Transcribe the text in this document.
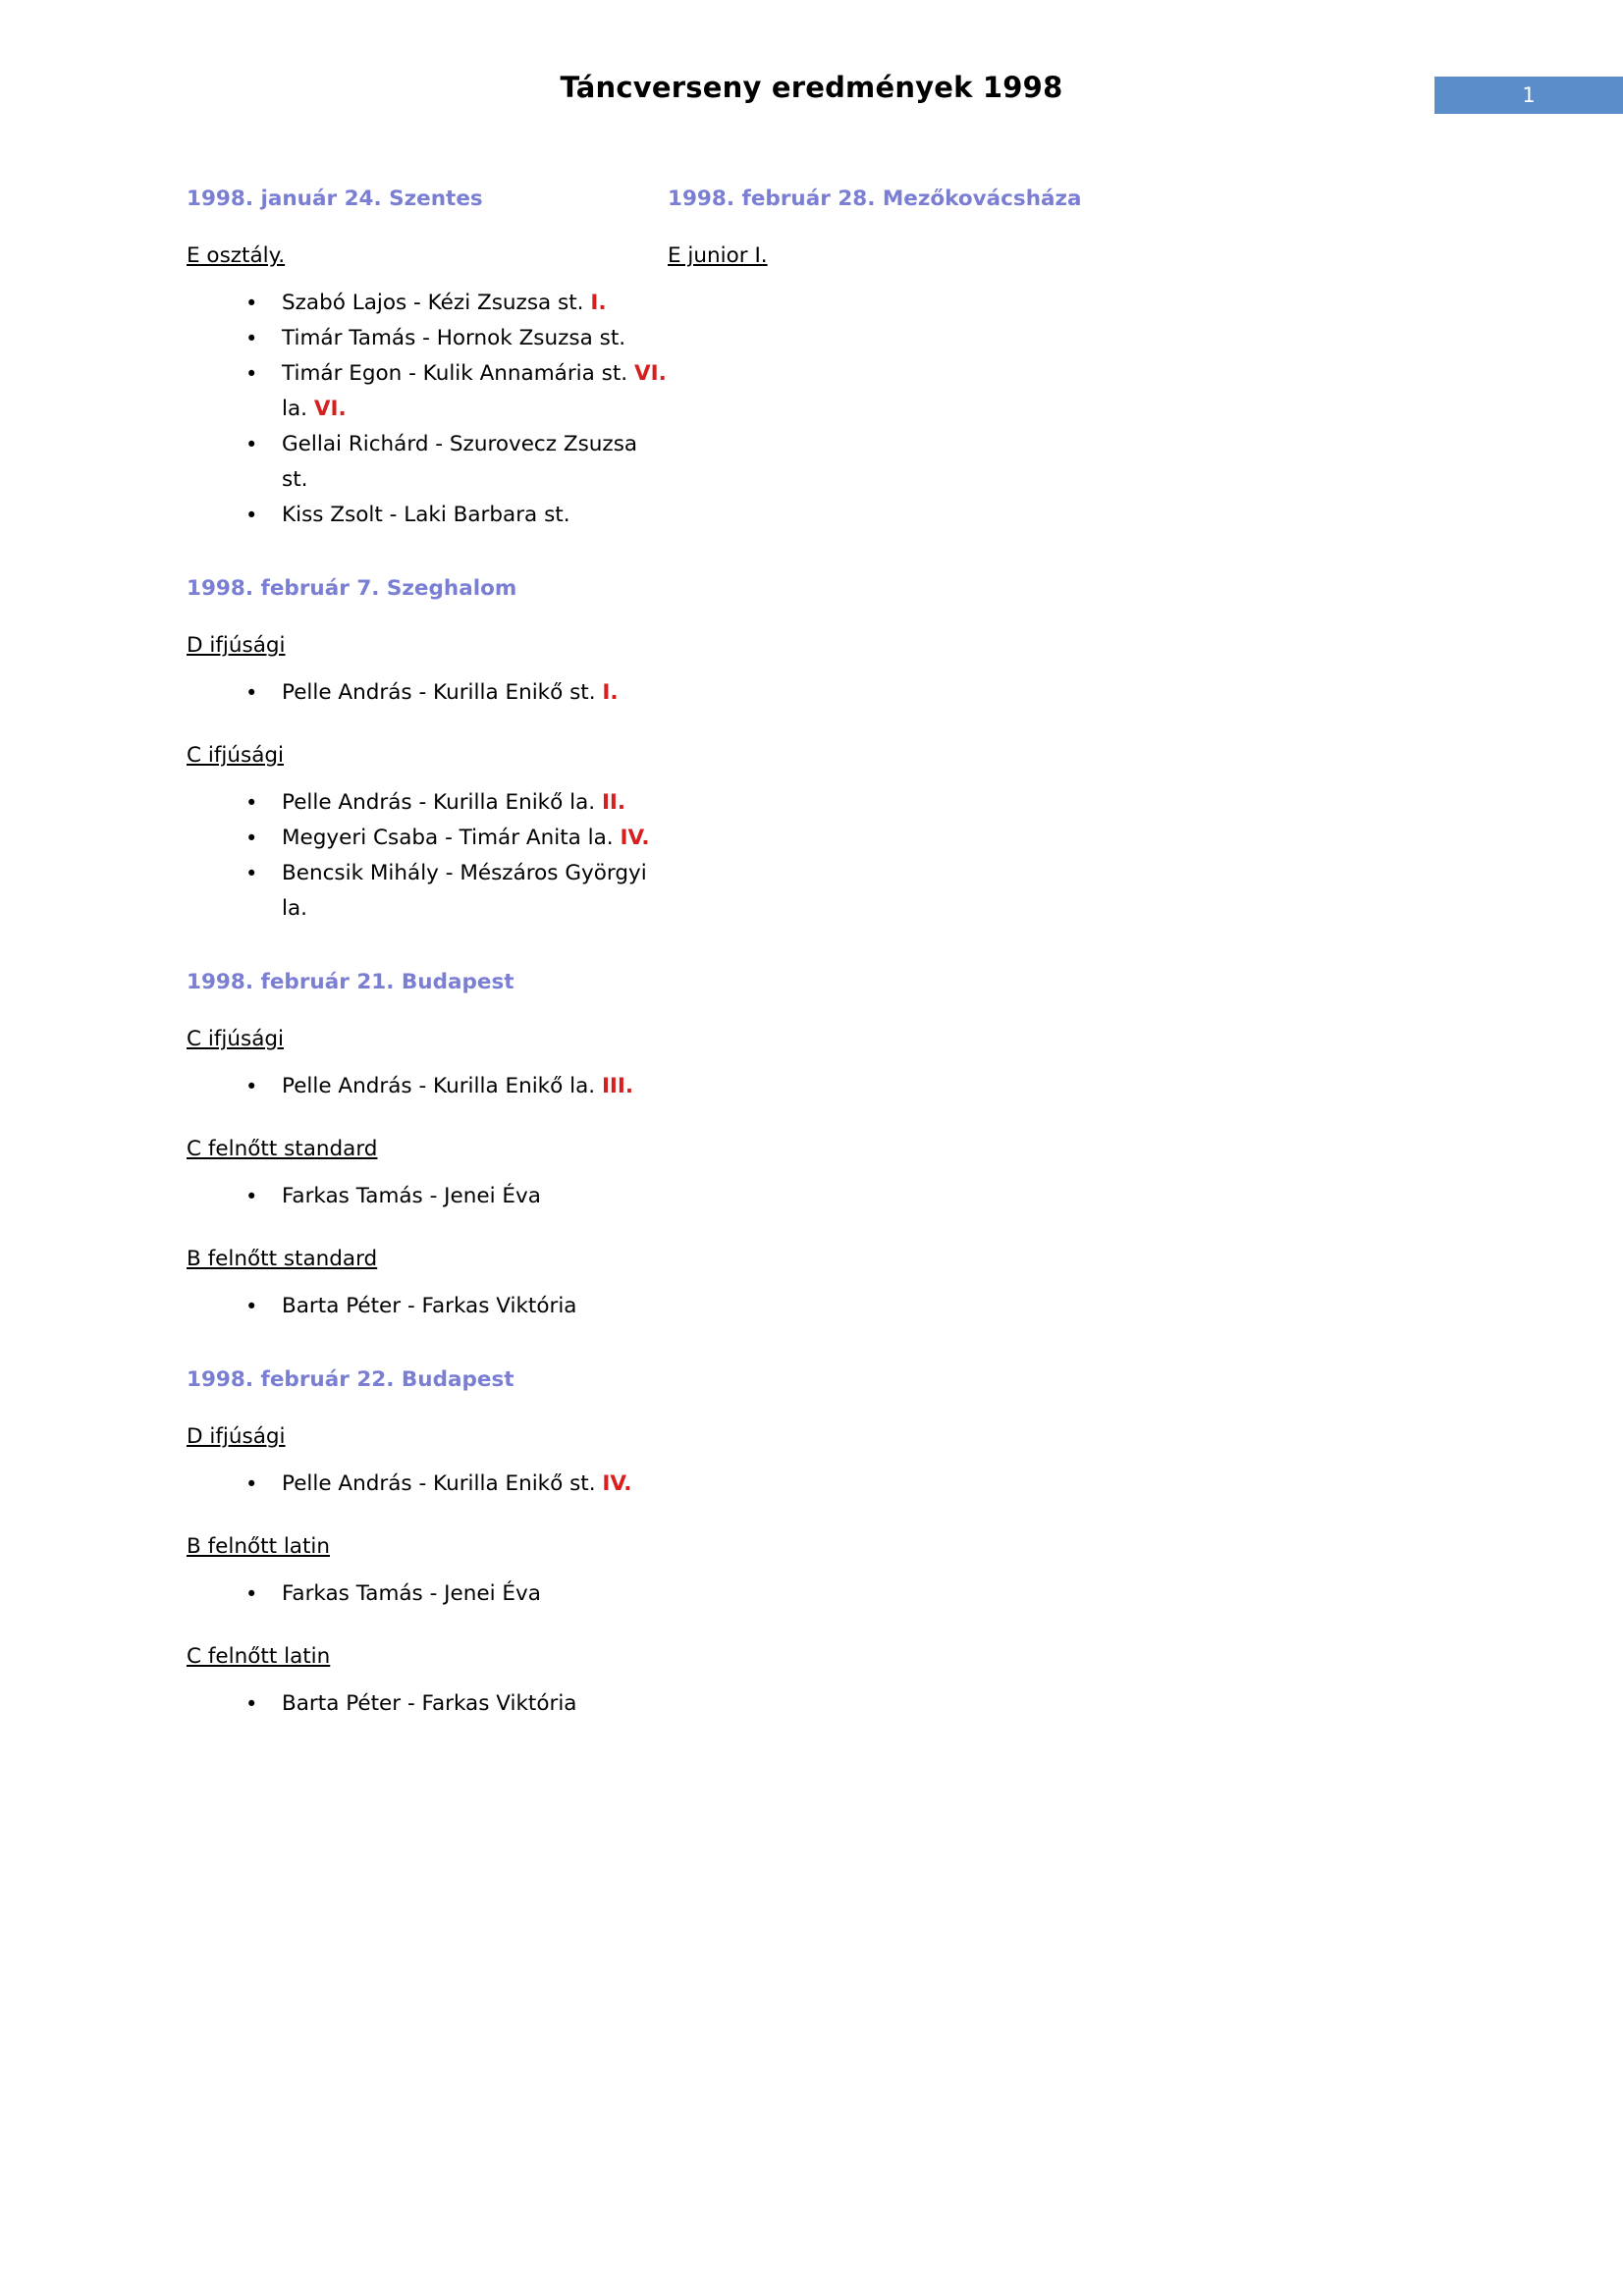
Táncverseny eredmények 1998	1
1998. január 24. Szentes
E osztály.
• Szabó Lajos - Kézi Zsuzsa st. I.
• Timár Tamás - Hornok Zsuzsa st.
• Timár Egon - Kulik Annamária st. VI.
la. VI.
• Gellai Richárd - Szurovecz Zsuzsa st.
• Kiss Zsolt - Laki Barbara st.
1998. február 7. Szeghalom
D ifjúsági
• Pelle András - Kurilla Enikő st. I.
C ifjúsági
• Pelle András - Kurilla Enikő la. II.
• Megyeri Csaba - Timár Anita la. IV.
• Bencsik Mihály - Mészáros Györgyi la.
1998. február 21. Budapest
C ifjúsági
• Pelle András - Kurilla Enikő la. III.
C felnőtt standard
• Farkas Tamás - Jenei Éva
B felnőtt standard
• Barta Péter - Farkas Viktória
1998. február 22. Budapest
D ifjúsági
• Pelle András - Kurilla Enikő st. IV.
B felnőtt latin
• Farkas Tamás - Jenei Éva
C felnőtt latin
• Barta Péter - Farkas Viktória
1998. február 28. Mezőkovácsháza
E junior I.
